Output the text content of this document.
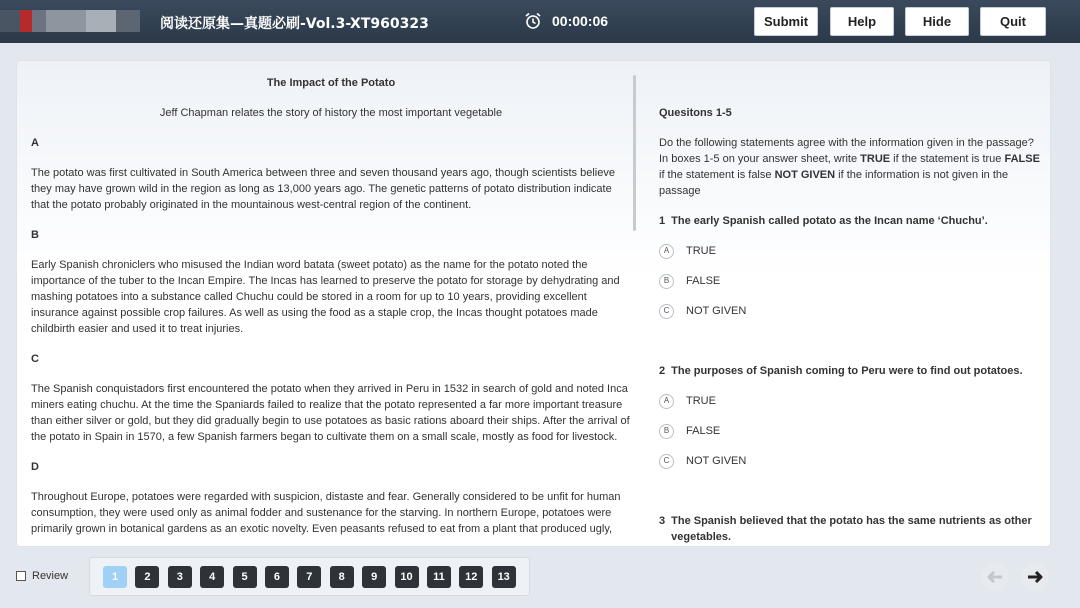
阅读还原集—真题必刷-Vol.3-XT960323	00:00:06	Submit	Help	Hide	Quit
The Impact of the Potato
Jeff Chapman relates the story of history the most important vegetable
A

The potato was first cultivated in South America between three and seven thousand years ago, though scientists believe they may have grown wild in the region as long as 13,000 years ago. The genetic patterns of potato distribution indicate that the potato probably originated in the mountainous west-central region of the continent.

B

Early Spanish chroniclers who misused the Indian word batata (sweet potato) as the name for the potato noted the importance of the tuber to the Incan Empire. The Incas has learned to preserve the potato for storage by dehydrating and mashing potatoes into a substance called Chuchu could be stored in a room for up to 10 years, providing excellent insurance against possible crop failures. As well as using the food as a staple crop, the Incas thought potatoes made childbirth easier and used it to treat injuries.

C

The Spanish conquistadors first encountered the potato when they arrived in Peru in 1532 in search of gold and noted Inca miners eating chuchu. At the time the Spaniards failed to realize that the potato represented a far more important treasure than either silver or gold, but they did gradually begin to use potatoes as basic rations aboard their ships. After the arrival of the potato in Spain in 1570, a few Spanish farmers began to cultivate them on a small scale, mostly as food for livestock.

D

Throughout Europe, potatoes were regarded with suspicion, distaste and fear. Generally considered to be unfit for human consumption, they were used only as animal fodder and sustenance for the starving. In northern Europe, potatoes were primarily grown in botanical gardens as an exotic novelty. Even peasants refused to eat from a plant that produced ugly,

Quesitons 1-5
Do the following statements agree with the information given in the passage? In boxes 1-5 on your answer sheet, write TRUE if the statement is true FALSE if the statement is false NOT GIVEN if the information is not given in the passage
1 The early Spanish called potato as the Incan name ‘Chuchu’.
A	TRUE
B	FALSE
C	NOT GIVEN
2 The purposes of Spanish coming to Peru were to find out potatoes.
A	TRUE
B	FALSE
C	NOT GIVEN
3 The Spanish believed that the potato has the same nutrients as other vegetables.
Review	1	2	3	4	5	6	7	8	9	10	11	12	13
